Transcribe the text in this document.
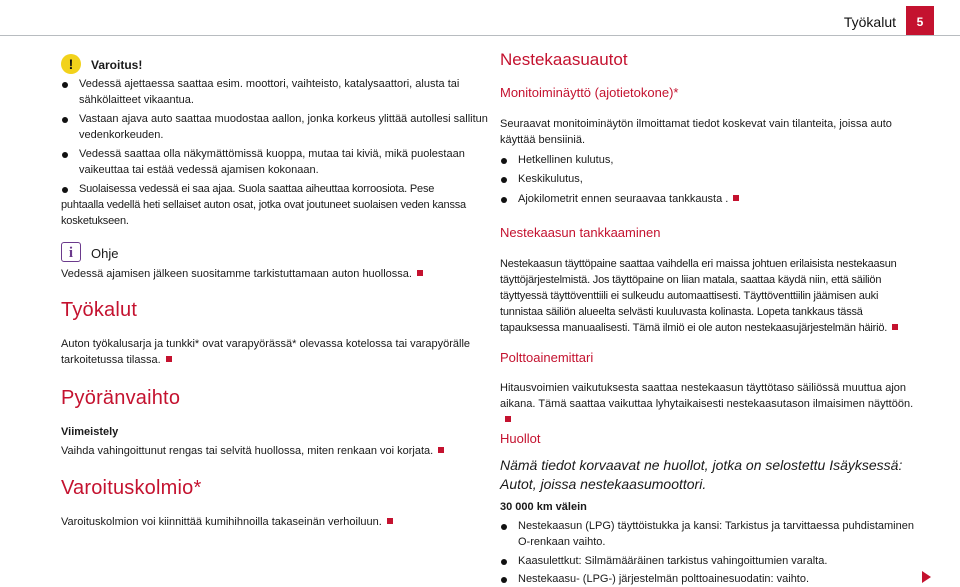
Työkalut	5
!	Varoitus!
Vedessä ajettaessa saattaa esim. moottori, vaihteisto, katalysaattori, alusta tai sähkölaitteet vikaantua.
Vastaan ajava auto saattaa muodostaa aallon, jonka korkeus ylittää autollesi sallitun vedenkorkeuden.
Vedessä saattaa olla näkymättömissä kuoppa, mutaa tai kiviä, mikä puolestaan vaikeuttaa tai estää vedessä ajamisen kokonaan.
Suolaisessa vedessä ei saa ajaa. Suola saattaa aiheuttaa korroosiota. Pese puhtaalla vedellä heti sellaiset auton osat, jotka ovat joutuneet suolaisen veden kanssa kosketukseen.
i	Ohje
Vedessä ajamisen jälkeen suositamme tarkistuttamaan auton huollossa.
Työkalut
Auton työkalusarja ja tunkki* ovat varapyörässä* olevassa kotelossa tai varapyörälle tarkoitetussa tilassa.
Pyöränvaihto
Viimeistely
Vaihda vahingoittunut rengas tai selvitä huollossa, miten renkaan voi korjata.
Varoituskolmio*
Varoituskolmion voi kiinnittää kumihihnoilla takaseinän verhoiluun.
Nestekaasuautot
Monitoiminäyttö (ajotietokone)*
Seuraavat monitoiminäytön ilmoittamat tiedot koskevat vain tilanteita, joissa auto käyttää bensiiniä.
Hetkellinen kulutus,
Keskikulutus,
Ajokilometrit ennen seuraavaa tankkausta .
Nestekaasun tankkaaminen
Nestekaasun täyttöpaine saattaa vaihdella eri maissa johtuen erilaisista nestekaasun täyttöjärjestelmistä. Jos täyttöpaine on liian matala, saattaa käydä niin, että säiliön täyttyessä täyttöventtiili ei sulkeudu automaattisesti. Täyttöventtiilin jäämisen auki tunnistaa säiliön alueelta selvästi kuuluvasta kolinasta. Lopeta tankkaus tässä tapauksessa manuaalisesti. Tämä ilmiö ei ole auton nestekaasujärjestelmän häiriö.
Polttoainemittari
Hitausvoimien vaikutuksesta saattaa nestekaasun täyttötaso säiliössä muuttua ajon aikana. Tämä saattaa vaikuttaa lyhytaikaisesti nestekaasutason ilmaisimen näyttöön.
Huollot
Nämä tiedot korvaavat ne huollot, jotka on selostettu Isäyksessä: Autot, joissa nestekaasumoottori.
30 000 km välein
Nestekaasun (LPG) täyttöistukka ja kansi: Tarkistus ja tarvittaessa puhdistaminen O-renkaan vaihto.
Kaasulettkut: Silmämääräinen tarkistus vahingoittumien varalta.
Nestekaasu- (LPG-) järjestelmän polttoainesuodatin: vaihto.
